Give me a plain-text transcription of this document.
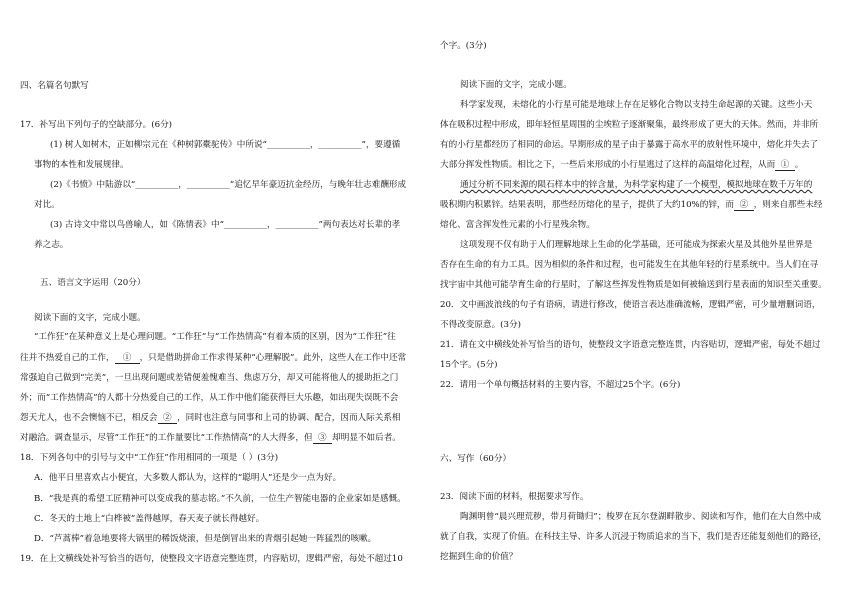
四、名篇名句默写
17．补写出下列句子的空缺部分。(6分)
(1) 树人如树木，正如柳宗元在《种树郭橐驼传》中所说“__________，__________”，要遵循
事物的本性和发展规律。
(2)《书愤》中陆游以“__________，__________”追忆早年豪迈抗金经历，与晚年壮志难酬形成
对比。
(3) 古诗文中常以鸟兽喻人，如《陈情表》中“__________，__________”两句表达对长辈的孝
养之志。
五、语言文字运用（20分）
阅读下面的文字，完成小题。
“工作狂”在某种意义上是心理问题。“工作狂”与“工作热情高”有着本质的区别，因为“工作狂”往
往并不热爱自己的工作， ① ，只是借助拼命工作求得某种“心理解脱”。此外，这些人在工作中还常
常强迫自己做到“完美”，一旦出现问题或差错便羞愧难当、焦虑万分，却又可能将他人的援助拒之门
外；而“工作热情高”的人都十分热爱自己的工作，从工作中他们能获得巨大乐趣，如出现失误既不会
怨天尤人，也不会懊恼不已，相反会 ② ，同时也注意与同事和上司的协调、配合，因而人际关系相
对融洽。调查显示，尽管“工作狂”的工作量要比“工作热情高”的人大得多，但 ③ 却明显不如后者。
18．下列各句中的引号与文中“工作狂”作用相同的一项是（ ）(3分)
A．他平日里喜欢占小便宜，大多数人都认为，这样的“聪明人”还是少一点为好。
B．“我是真的希望工匠精神可以变成我的墓志铭。”不久前，一位生产智能电器的企业家如是感慨。
C．冬天的土地上“白桦被”盖得越厚，春天麦子就长得越好。
D．“芦蒿棒”着急地要将大锅里的稀饭烧滚，但是倒冒出来的青烟引起她一阵猛烈的咳嗽。
19．在上文横线处补写恰当的语句，使整段文字语意完整连贯，内容贴切，逻辑严密，每处不超过10
个字。(3分)
阅读下面的文字，完成小题。
科学家发现，未熔化的小行星可能是地球上存在足够化合物以支持生命起源的关键。这些小天
体在吸积过程中形成，即年轻恒星周围的尘埃粒子逐渐聚集，最终形成了更大的天体。然而，并非所
有的小行星都经历了相同的命运。早期形成的星子由于暴露于高水平的放射性环境中，熔化并失去了
大部分挥发性物质。相比之下，一些后来形成的小行星逃过了这样的高温熔化过程，从而 ① 。
通过分析不同来源的陨石样本中的锌含量，为科学家构建了一个模型，模拟地球在数千万年的
吸积期内积累锌。结果表明，那些经历熔化的星子，提供了大约10%的锌，而 ② ，则来自那些未经
熔化、富含挥发性元素的小行星残余物。
这项发现不仅有助于人们理解地球上生命的化学基础，还可能成为探索火星及其他外星世界是
否存在生命的有力工具。因为相似的条件和过程，也可能发生在其他年轻的行星系统中。当人们在寻
找宇宙中其他可能孕育生命的行星时，了解这些挥发性物质是如何被输送到行星表面的知识至关重要。
20．文中画波浪线的句子有语病，请进行修改，使语言表达准确流畅，逻辑严密，可少量增删词语，
不得改变原意。(3分)
21．请在文中横线处补写恰当的语句，使整段文字语意完整连贯，内容贴切，逻辑严密，每处不超过
15个字。(5分)
22．请用一个单句概括材料的主要内容，不超过25个字。(6分)
六、写作（60分）
23．阅读下面的材料，根据要求写作。
陶渊明曾“晨兴理荒秽，带月荷锄归”；梭罗在瓦尔登湖畔散步、阅读和写作，他们在大自然中成
就了自我，实现了价值。在科技主导、许多人沉浸于物质追求的当下，我们是否还能复刻他们的路径，
挖掘到生命的价值？
